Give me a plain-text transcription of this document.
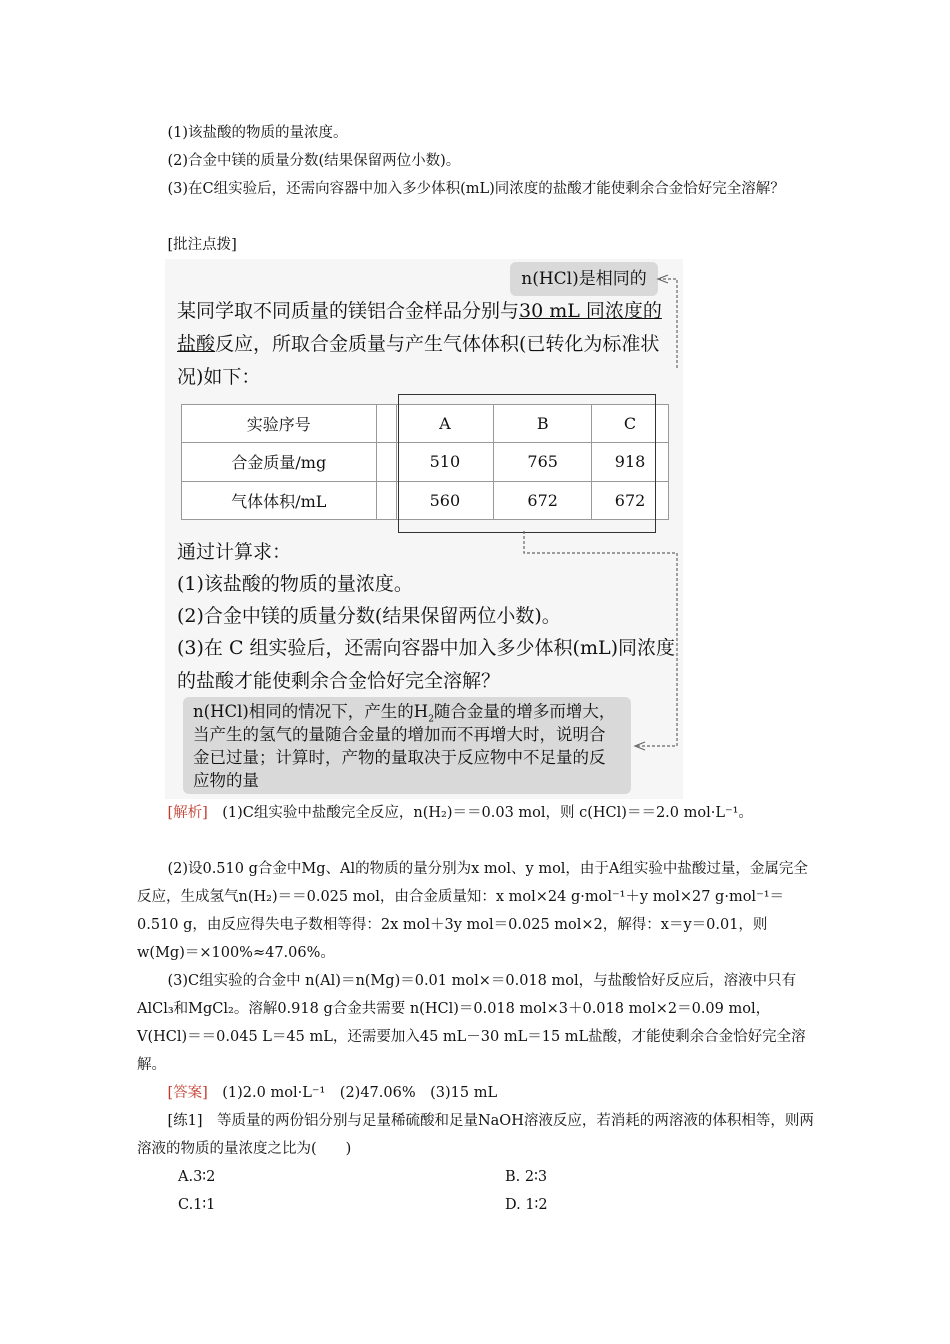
(1)该盐酸的物质的量浓度。

(2)合金中镁的质量分数(结果保留两位小数)。

(3)在C组实验后，还需向容器中加入多少体积(mL)同浓度的盐酸才能使剩余合金恰好完全溶解？

[批注点拨]

n(HCl)是相同的

某同学取不同质量的镁铝合金样品分别与30 mL 同浓度的盐酸反应，所取合金质量与产生气体体积(已转化为标准状况)如下：

实验序号		A	B	C
合金质量/mg		510	765	918
气体体积/mL		560	672	672

通过计算求：

(1)该盐酸的物质的量浓度。

(2)合金中镁的质量分数(结果保留两位小数)。

(3)在 C 组实验后，还需向容器中加入多少体积(mL)同浓度的盐酸才能使剩余合金恰好完全溶解？

n(HCl)相同的情况下，产生的$H_2$随合金量的增多而增大，当产生的氢气的量随合金量的增加而不再增大时，说明合金已过量；计算时，产物的量取决于反应物中不足量的反应物的量

[解析]　 (1)C组实验中盐酸完全反应，n(H₂)＝＝0.03 mol，则 c(HCl)＝＝2.0 mol·L⁻¹。

(2)设0.510 g合金中Mg、Al的物质的量分别为x mol、y mol，由于A组实验中盐酸过量，金属完全反应，生成氢气n(H₂)＝＝0.025 mol，由合金质量知：x mol×24 g·mol⁻¹＋y mol×27 g·mol⁻¹＝0.510 g，由反应得失电子数相等得：2x mol＋3y mol＝0.025 mol×2，解得：x＝y＝0.01，则 w(Mg)＝×100%≈47.06%。

(3)C组实验的合金中 n(Al)＝n(Mg)＝0.01 mol×＝0.018 mol，与盐酸恰好反应后，溶液中只有AlCl₃和MgCl₂。溶解0.918 g合金共需要 n(HCl)＝0.018 mol×3＋0.018 mol×2＝0.09 mol，V(HCl)＝＝0.045 L＝45 mL，还需要加入45 mL－30 mL＝15 mL盐酸，才能使剩余合金恰好完全溶解。

[答案]　 (1)2.0 mol·L⁻¹　(2)47.06%　(3)15 mL

[练1]　等质量的两份铝分别与足量稀硫酸和足量NaOH溶液反应，若消耗的两溶液的体积相等，则两溶液的物质的量浓度之比为(　　)

A.3∶2	B. 2∶3
C.1∶1	D. 1∶2
